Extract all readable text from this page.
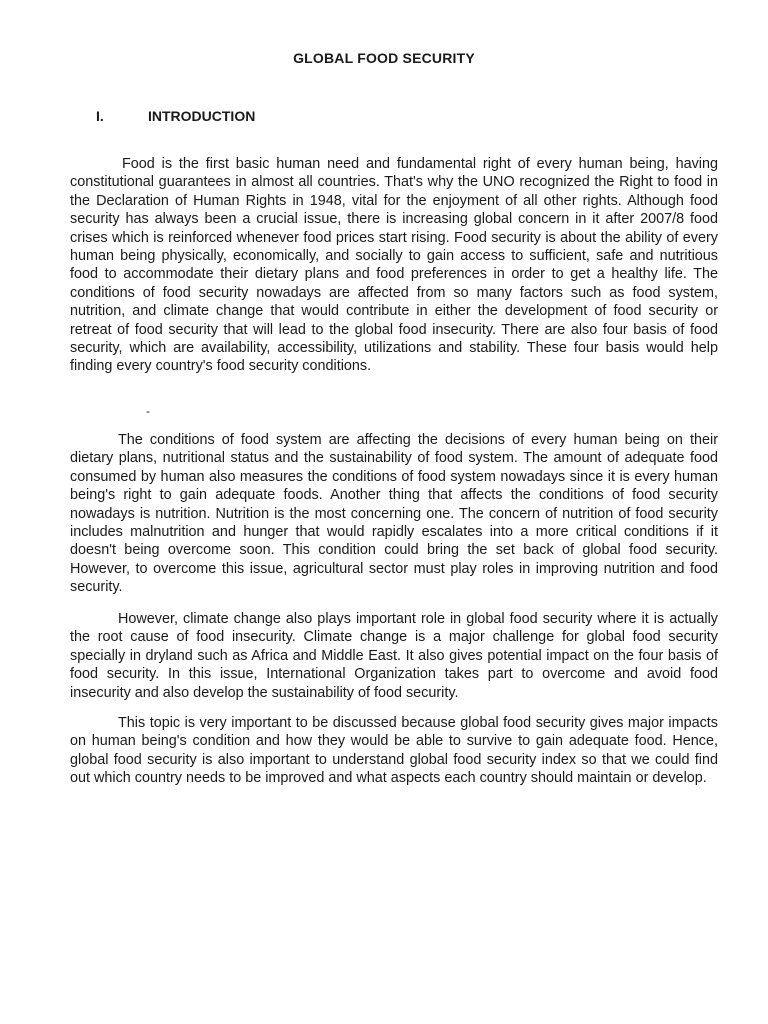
GLOBAL FOOD SECURITY
I.	INTRODUCTION

Food is the first basic human need and fundamental right of every human being, having constitutional guarantees in almost all countries. That's why the UNO recognized the Right to food in the Declaration of Human Rights in 1948, vital for the enjoyment of all other rights. Although food security has always been a crucial issue, there is increasing global concern in it after 2007/8 food crises which is reinforced whenever food prices start rising. Food security is about the ability of every human being physically, economically, and socially to gain access to sufficient, safe and nutritious food to accommodate their dietary plans and food preferences in order to get a healthy life. The conditions of food security nowadays are affected from so many factors such as food system, nutrition, and climate change that would contribute in either the development of food security or retreat of food security that will lead to the global food insecurity. There are also four basis of food security, which are availability, accessibility, utilizations and stability. These four basis would help finding every country's food security conditions.

-

The conditions of food system are affecting the decisions of every human being on their dietary plans, nutritional status and the sustainability of food system. The amount of adequate food consumed by human also measures the conditions of food system nowadays since it is every human being's right to gain adequate foods. Another thing that affects the conditions of food security nowadays is nutrition. Nutrition is the most concerning one. The concern of nutrition of food security includes malnutrition and hunger that would rapidly escalates into a more critical conditions if it doesn't being overcome soon. This condition could bring the set back of global food security. However, to overcome this issue, agricultural sector must play roles in improving nutrition and food security.

However, climate change also plays important role in global food security where it is actually the root cause of food insecurity. Climate change is a major challenge for global food security specially in dryland such as Africa and Middle East. It also gives potential impact on the four basis of food security. In this issue, International Organization takes part to overcome and avoid food insecurity and also develop the sustainability of food security.

This topic is very important to be discussed because global food security gives major impacts on human being's condition and how they would be able to survive to gain adequate food. Hence, global food security is also important to understand global food security index so that we could find out which country needs to be improved and what aspects each country should maintain or develop.
